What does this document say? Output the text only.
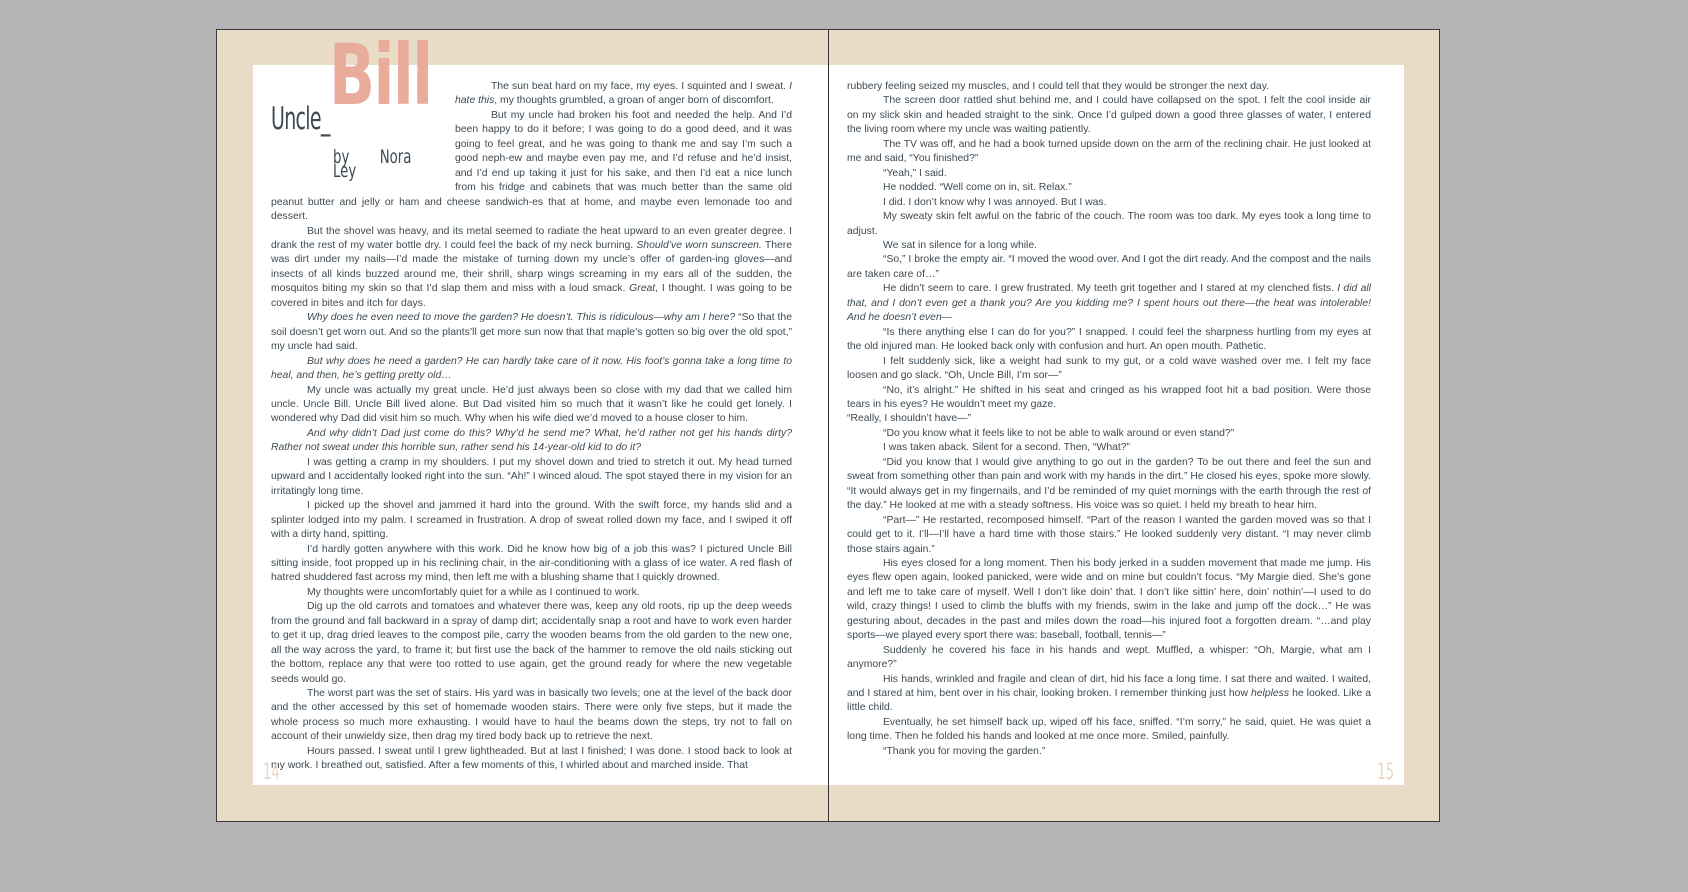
Uncle_ Bill
by Nora Ley

The sun beat hard on my face, my eyes. I squinted and I sweat. I hate this, my thoughts grumbled, a groan of anger born of discomfort.

But my uncle had broken his foot and needed the help. And I’d been happy to do it before; I was going to do a good deed, and it was going to feel great, and he was going to thank me and say I’m such a good neph-ew and maybe even pay me, and I’d refuse and he’d insist, and I’d end up taking it just for his sake, and then I’d eat a nice lunch from his fridge and cabinets that was much better than the same old peanut butter and jelly or ham and cheese sandwich-es that at home, and maybe even lemonade too and dessert.

But the shovel was heavy, and its metal seemed to radiate the heat upward to an even greater degree. I drank the rest of my water bottle dry. I could feel the back of my neck burning. Should’ve worn sunscreen. There was dirt under my nails—I’d made the mistake of turning down my uncle’s offer of garden-ing gloves—and insects of all kinds buzzed around me, their shrill, sharp wings screaming in my ears all of the sudden, the mosquitos biting my skin so that I’d slap them and miss with a loud smack. Great, I thought. I was going to be covered in bites and itch for days.

Why does he even need to move the garden? He doesn’t. This is ridiculous—why am I here? “So that the soil doesn’t get worn out. And so the plants’ll get more sun now that that maple’s gotten so big over the old spot,” my uncle had said.

But why does he need a garden? He can hardly take care of it now. His foot’s gonna take a long time to heal, and then, he’s getting pretty old…

My uncle was actually my great uncle. He’d just always been so close with my dad that we called him uncle. Uncle Bill. Uncle Bill lived alone. But Dad visited him so much that it wasn’t like he could get lonely. I wondered why Dad did visit him so much. Why when his wife died we’d moved to a house closer to him.

And why didn’t Dad just come do this? Why’d he send me? What, he’d rather not get his hands dirty? Rather not sweat under this horrible sun, rather send his 14-year-old kid to do it?

I was getting a cramp in my shoulders. I put my shovel down and tried to stretch it out. My head turned upward and I accidentally looked right into the sun. “Ah!” I winced aloud. The spot stayed there in my vision for an irritatingly long time.

I picked up the shovel and jammed it hard into the ground. With the swift force, my hands slid and a splinter lodged into my palm. I screamed in frustration. A drop of sweat rolled down my face, and I swiped it off with a dirty hand, spitting.

I’d hardly gotten anywhere with this work. Did he know how big of a job this was? I pictured Uncle Bill sitting inside, foot propped up in his reclining chair, in the air-conditioning with a glass of ice water. A red flash of hatred shuddered fast across my mind, then left me with a blushing shame that I quickly drowned.

My thoughts were uncomfortably quiet for a while as I continued to work.

Dig up the old carrots and tomatoes and whatever there was, keep any old roots, rip up the deep weeds from the ground and fall backward in a spray of damp dirt; accidentally snap a root and have to work even harder to get it up, drag dried leaves to the compost pile, carry the wooden beams from the old garden to the new one, all the way across the yard, to frame it; but first use the back of the hammer to remove the old nails sticking out the bottom, replace any that were too rotted to use again, get the ground ready for where the new vegetable seeds would go.

The worst part was the set of stairs. His yard was in basically two levels; one at the level of the back door and the other accessed by this set of homemade wooden stairs. There were only five steps, but it made the whole process so much more exhausting. I would have to haul the beams down the steps, try not to fall on account of their unwieldy size, then drag my tired body back up to retrieve the next.

Hours passed. I sweat until I grew lightheaded. But at last I finished; I was done. I stood back to look at my work. I breathed out, satisfied. After a few moments of this, I whirled about and marched inside. That

14

rubbery feeling seized my muscles, and I could tell that they would be stronger the next day.

The screen door rattled shut behind me, and I could have collapsed on the spot. I felt the cool inside air on my slick skin and headed straight to the sink. Once I’d gulped down a good three glasses of water, I entered the living room where my uncle was waiting patiently.

The TV was off, and he had a book turned upside down on the arm of the reclining chair. He just looked at me and said, “You finished?”

“Yeah,” I said.

He nodded. “Well come on in, sit. Relax.”

I did. I don’t know why I was annoyed. But I was.

My sweaty skin felt awful on the fabric of the couch. The room was too dark. My eyes took a long time to adjust.

We sat in silence for a long while.

“So,” I broke the empty air. “I moved the wood over. And I got the dirt ready. And the compost and the nails are taken care of…”

He didn’t seem to care. I grew frustrated. My teeth grit together and I stared at my clenched fists. I did all that, and I don’t even get a thank you? Are you kidding me? I spent hours out there—the heat was intolerable! And he doesn’t even—

“Is there anything else I can do for you?” I snapped. I could feel the sharpness hurtling from my eyes at the old injured man. He looked back only with confusion and hurt. An open mouth. Pathetic.

I felt suddenly sick, like a weight had sunk to my gut, or a cold wave washed over me. I felt my face loosen and go slack. “Oh, Uncle Bill, I’m sor—”

“No, it’s alright.” He shifted in his seat and cringed as his wrapped foot hit a bad position. Were those tears in his eyes? He wouldn’t meet my gaze.

“Really, I shouldn’t have—”

“Do you know what it feels like to not be able to walk around or even stand?”

I was taken aback. Silent for a second. Then, “What?”

“Did you know that I would give anything to go out in the garden? To be out there and feel the sun and sweat from something other than pain and work with my hands in the dirt.” He closed his eyes, spoke more slowly. “It would always get in my fingernails, and I’d be reminded of my quiet mornings with the earth through the rest of the day.” He looked at me with a steady softness. His voice was so quiet. I held my breath to hear him.

“Part—” He restarted, recomposed himself. “Part of the reason I wanted the garden moved was so that I could get to it. I’ll—I’ll have a hard time with those stairs.” He looked suddenly very distant. “I may never climb those stairs again.”

His eyes closed for a long moment. Then his body jerked in a sudden movement that made me jump. His eyes flew open again, looked panicked, were wide and on mine but couldn’t focus. “My Margie died. She’s gone and left me to take care of myself. Well I don’t like doin’ that. I don’t like sittin’ here, doin’ nothin’—I used to do wild, crazy things! I used to climb the bluffs with my friends, swim in the lake and jump off the dock…” He was gesturing about, decades in the past and miles down the road—his injured foot a forgotten dream. “…and play sports—we played every sport there was: baseball, football, tennis—”

Suddenly he covered his face in his hands and wept. Muffled, a whisper: “Oh, Margie, what am I anymore?”

His hands, wrinkled and fragile and clean of dirt, hid his face a long time. I sat there and waited. I waited, and I stared at him, bent over in his chair, looking broken. I remember thinking just how helpless he looked. Like a little child.

Eventually, he set himself back up, wiped off his face, sniffed. “I’m sorry,” he said, quiet. He was quiet a long time. Then he folded his hands and looked at me once more. Smiled, painfully.

“Thank you for moving the garden.”

15
